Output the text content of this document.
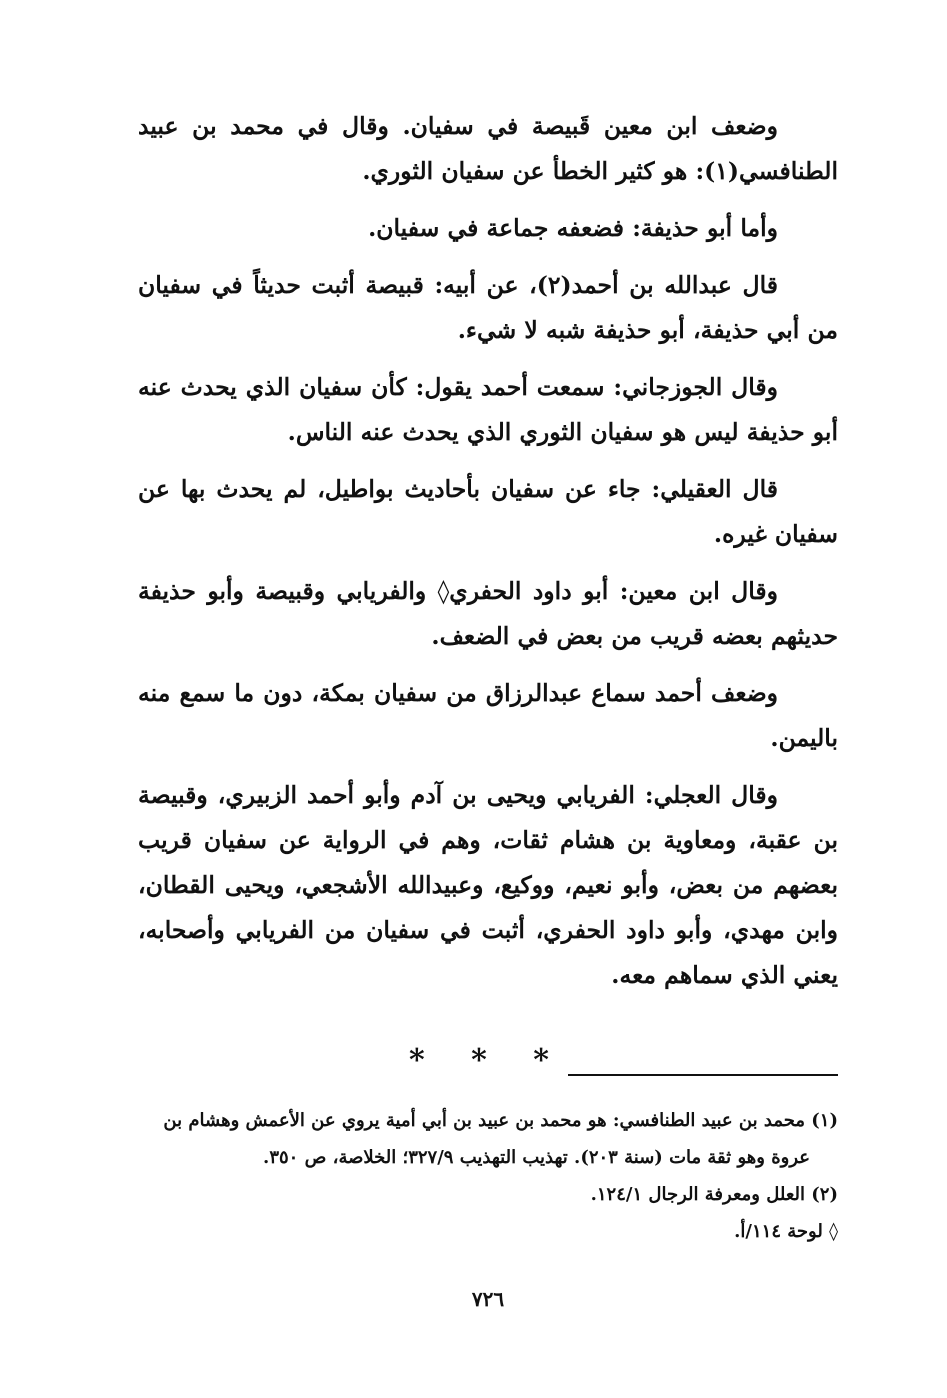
وضعف ابن معين قَبيصة في سفيان. وقال في محمد بن عبيد الطنافسي(١): هو كثير الخطأ عن سفيان الثوري.

وأما أبو حذيفة: فضعفه جماعة في سفيان.

قال عبدالله بن أحمد(٢)، عن أبيه: قبيصة أثبت حديثاً في سفيان من أبي حذيفة، أبو حذيفة شبه لا شيء.

وقال الجوزجاني: سمعت أحمد يقول: كأن سفيان الذي يحدث عنه أبو حذيفة ليس هو سفيان الثوري الذي يحدث عنه الناس.

قال العقيلي: جاء عن سفيان بأحاديث بواطيل، لم يحدث بها عن سفيان غيره.

وقال ابن معين: أبو داود الحفري◊ والفريابي وقبيصة وأبو حذيفة حديثهم بعضه قريب من بعض في الضعف.

وضعف أحمد سماع عبدالرزاق من سفيان بمكة، دون ما سمع منه باليمن.

وقال العجلي: الفريابي ويحيى بن آدم وأبو أحمد الزبيري، وقبيصة بن عقبة، ومعاوية بن هشام ثقات، وهم في الرواية عن سفيان قريب بعضهم من بعض، وأبو نعيم، ووكيع، وعبيدالله الأشجعي، ويحيى القطان، وابن مهدي، وأبو داود الحفري، أثبت في سفيان من الفريابي وأصحابه، يعني الذي سماهم معه.

* * *

(١) محمد بن عبيد الطنافسي: هو محمد بن عبيد بن أبي أمية يروي عن الأعمش وهشام بن

عروة وهو ثقة مات (سنة ٢٠٣). تهذيب التهذيب ٣٢٧/٩؛ الخلاصة، ص ٣٥٠.

(٢) العلل ومعرفة الرجال ١٢٤/١.

◊ لوحة ١١٤/أ.

٧٢٦
